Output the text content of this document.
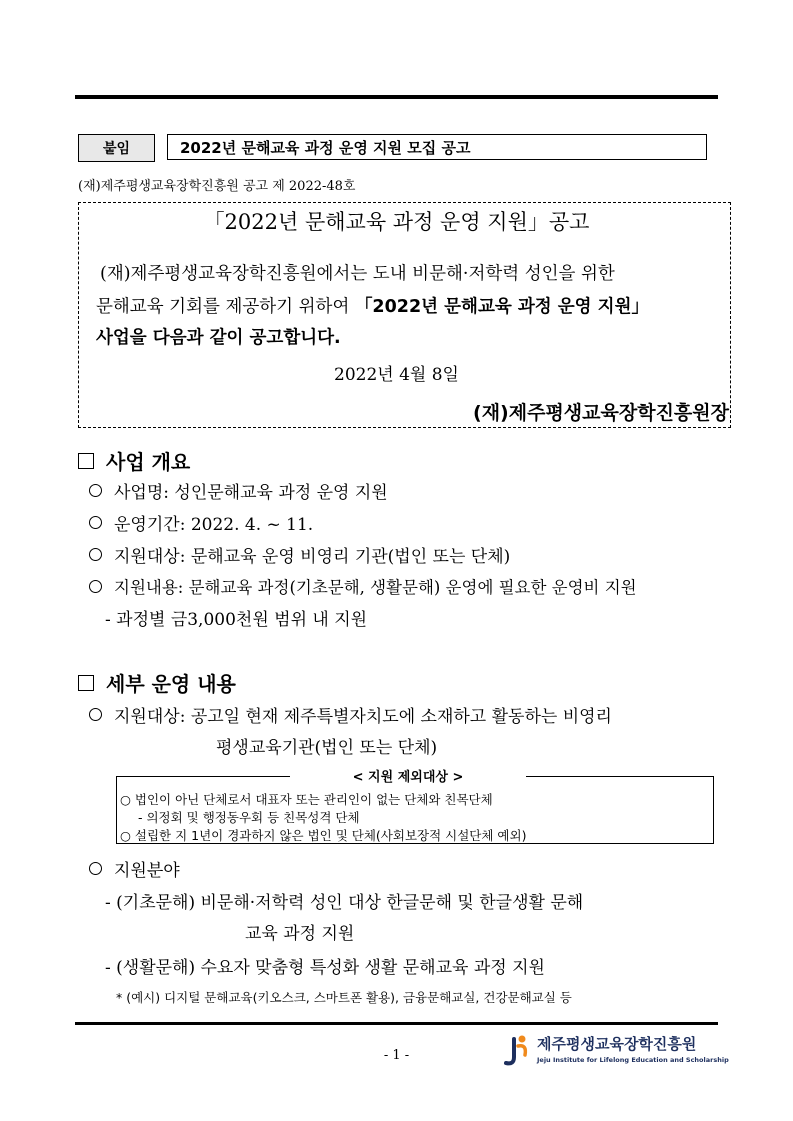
붙임	2022년 문해교육 과정 운영 지원 모집 공고
(재)제주평생교육장학진흥원 공고 제 2022-48호
「2022년 문해교육 과정 운영 지원」공고
(재)제주평생교육장학진흥원에서는 도내 비문해·저학력 성인을 위한
문해교육 기회를 제공하기 위하여 「2022년 문해교육 과정 운영 지원」
사업을 다음과 같이 공고합니다.
2022년 4월 8일
(재)제주평생교육장학진흥원장
사업 개요
사업명: 성인문해교육 과정 운영 지원
운영기간: 2022. 4. ~ 11.
지원대상: 문해교육 운영 비영리 기관(법인 또는 단체)
지원내용: 문해교육 과정(기초문해, 생활문해) 운영에 필요한 운영비 지원
- 과정별 금3,000천원 범위 내 지원
세부 운영 내용
지원대상: 공고일 현재 제주특별자치도에 소재하고 활동하는 비영리
평생교육기관(법인 또는 단체)
< 지원 제외대상 >
○ 법인이 아닌 단체로서 대표자 또는 관리인이 없는 단체와 친목단체
- 의정회 및 행정동우회 등 친목성격 단체
○ 설립한 지 1년이 경과하지 않은 법인 및 단체(사회보장적 시설단체 예외)
지원분야
- (기초문해) 비문해·저학력 성인 대상 한글문해 및 한글생활 문해
교육 과정 지원
- (생활문해) 수요자 맞춤형 특성화 생활 문해교육 과정 지원
* (예시) 디지털 문해교육(키오스크, 스마트폰 활용), 금융문해교실, 건강문해교실 등
- 1 -
제주평생교육장학진흥원
Jeju Institute for Lifelong Education and Scholarship
